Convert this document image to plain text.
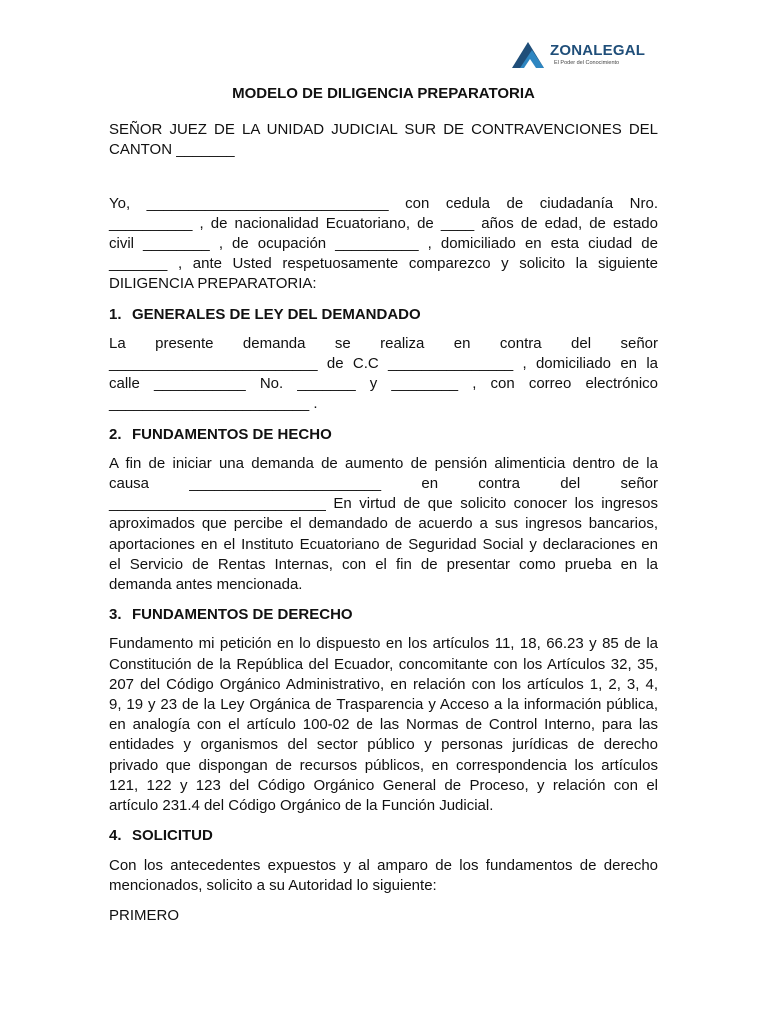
ZONALEGAL
El Poder del Conocimiento
MODELO DE DILIGENCIA PREPARATORIA

SEÑOR JUEZ DE LA UNIDAD JUDICIAL SUR DE CONTRAVENCIONES DEL
CANTON _______

Yo, _____________________________ con cedula de ciudadanía Nro.
__________ , de nacionalidad Ecuatoriano, de ____ años de edad, de estado
civil ________ , de ocupación __________ , domiciliado en esta ciudad de
_______ , ante Usted respetuosamente comparezco y solicito la siguiente
DILIGENCIA PREPARATORIA:

1. GENERALES DE LEY DEL DEMANDADO

La presente demanda se realiza en contra del señor
_________________________ de C.C _______________ , domiciliado en la
calle ___________ No. _______ y ________ , con correo electrónico
________________________ .

2. FUNDAMENTOS DE HECHO

A fin de iniciar una demanda de aumento de pensión alimenticia dentro de la
causa _______________________ en contra del señor
__________________________ En virtud de que solicito conocer los ingresos
aproximados que percibe el demandado de acuerdo a sus ingresos bancarios,
aportaciones en el Instituto Ecuatoriano de Seguridad Social y declaraciones en
el Servicio de Rentas Internas, con el fin de presentar como prueba en la
demanda antes mencionada.

3. FUNDAMENTOS DE DERECHO

Fundamento mi petición en lo dispuesto en los artículos 11, 18, 66.23 y 85 de la
Constitución de la República del Ecuador, concomitante con los Artículos 32, 35,
207 del Código Orgánico Administrativo, en relación con los artículos 1, 2, 3, 4,
9, 19 y 23 de la Ley Orgánica de Trasparencia y Acceso a la información pública,
en analogía con el artículo 100-02 de las Normas de Control Interno, para las
entidades y organismos del sector público y personas jurídicas de derecho
privado que dispongan de recursos públicos, en correspondencia los artículos
121, 122 y 123 del Código Orgánico General de Proceso, y relación con el
artículo 231.4 del Código Orgánico de la Función Judicial.

4. SOLICITUD

Con los antecedentes expuestos y al amparo de los fundamentos de derecho
mencionados, solicito a su Autoridad lo siguiente:

PRIMERO
